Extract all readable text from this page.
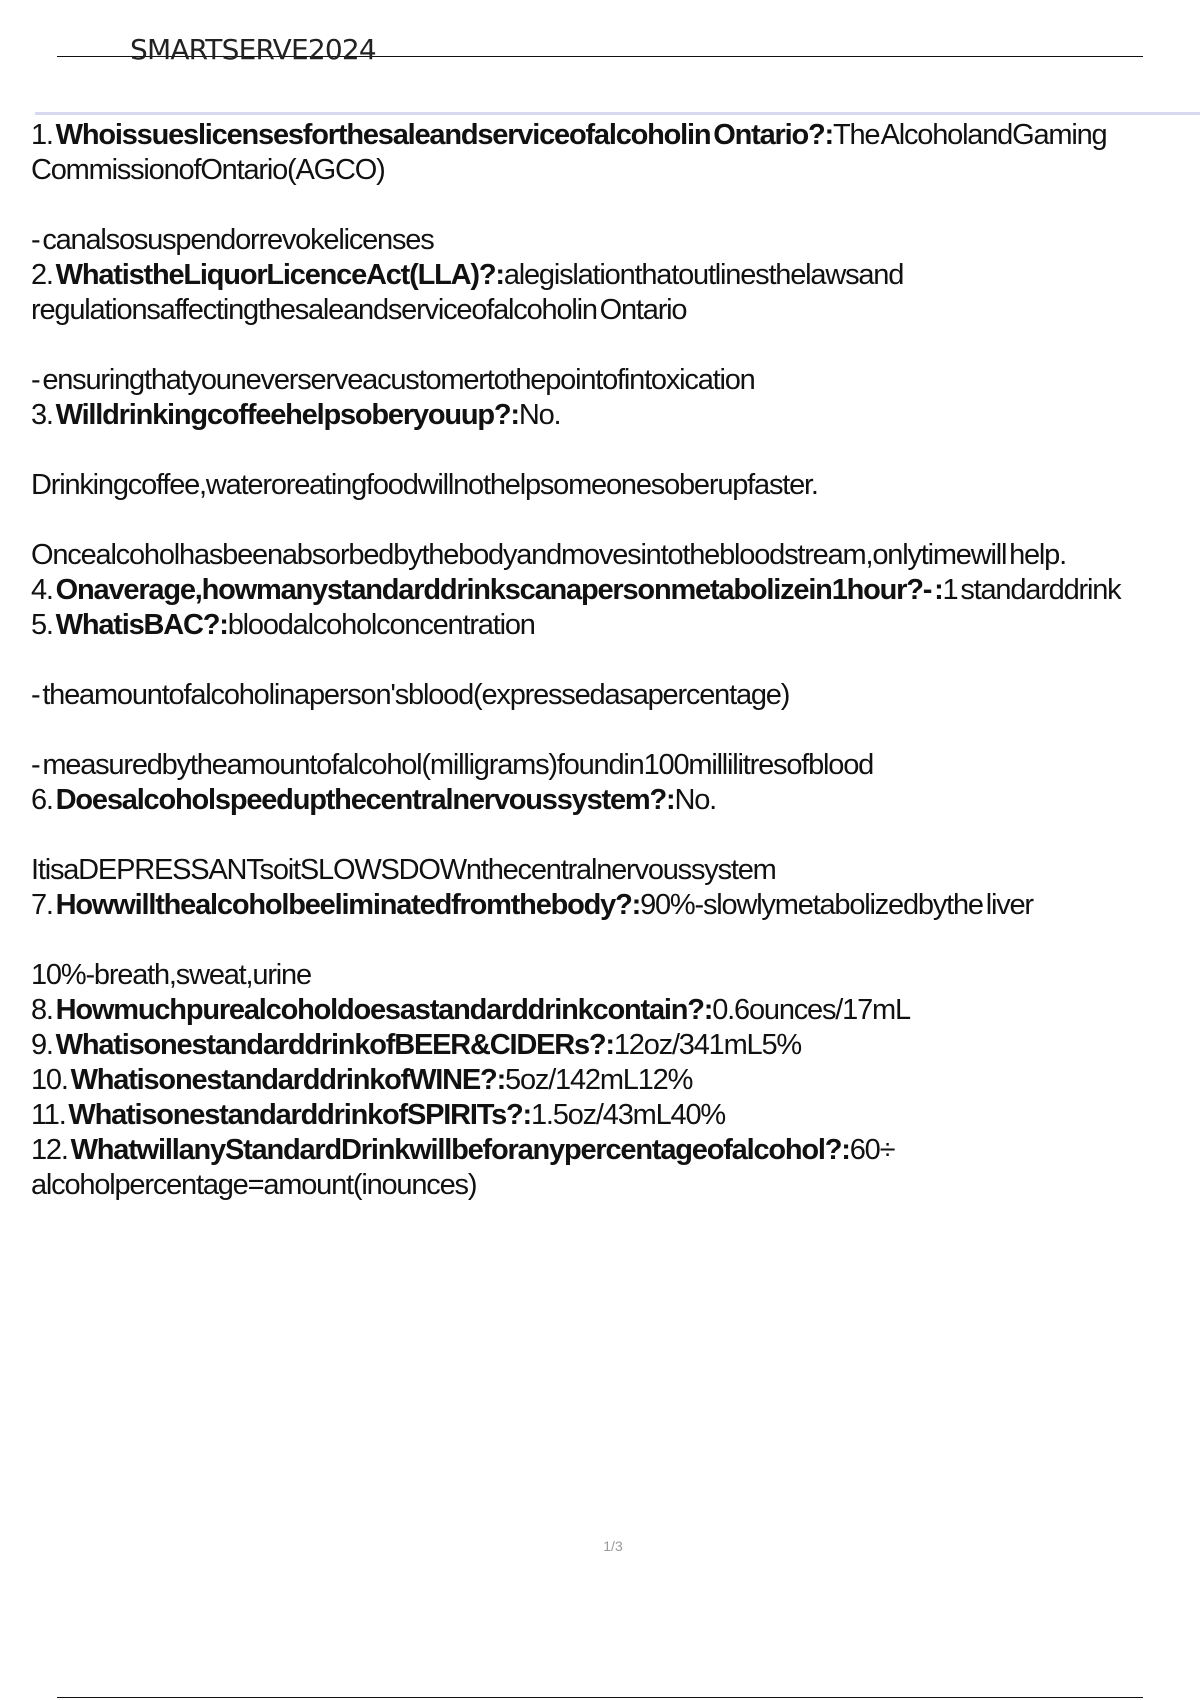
SMARTSERVE2024

1. Whoissueslicensesforthesaleandserviceofalcoholin Ontario?:The AlcoholandGaming CommissionofOntario(AGCO)

- canalsosuspendorrevokelicenses

2. WhatistheLiquorLicenceAct(LLA)?:alegislationthatoutlinesthelawsand regulationsaffectingthesaleandserviceofalcoholin Ontario

- ensuringthatyouneverserveacustomertothepointofintoxication

3. Willdrinkingcoffeehelpsoberyouup?:No.

Drinkingcoffee,wateroreatingfoodwillnothelpsomeonesoberupfaster.

Oncealcoholhasbeenabsorbedbythebodyandmovesintothebloodstream,onlytimewill help.

4. Onaverage,howmanystandarddrinkscanapersonmetabolizein1hour?- :1 standarddrink

5. WhatisBAC?:bloodalcoholconcentration

- theamountofalcoholinaperson'sblood(expressedasapercentage)

- measuredbytheamountofalcohol(milligrams)foundin100millilitresofblood

6. Doesalcoholspeedupthecentralnervoussystem?:No.

ItisaDEPRESSANTsoitSLOWSDOWnthecentralnervoussystem

7. Howwillthealcoholbeeliminatedfromthebody?:90%-slowlymetabolizedbythe liver

10%-breath,sweat,urine

8. Howmuchpurealcoholdoesastandarddrinkcontain?:0.6ounces/17mL

9. WhatisonestandarddrinkofBEER&CIDERs?:12oz/341mL5%

10. WhatisonestandarddrinkofWINE?:5oz/142mL12%

11. WhatisonestandarddrinkofSPIRITs?:1.5oz/43mL40%

12. WhatwillanyStandardDrinkwillbeforanypercentageofalcohol?:60÷ alcoholpercentage=amount(inounces)

1/3
